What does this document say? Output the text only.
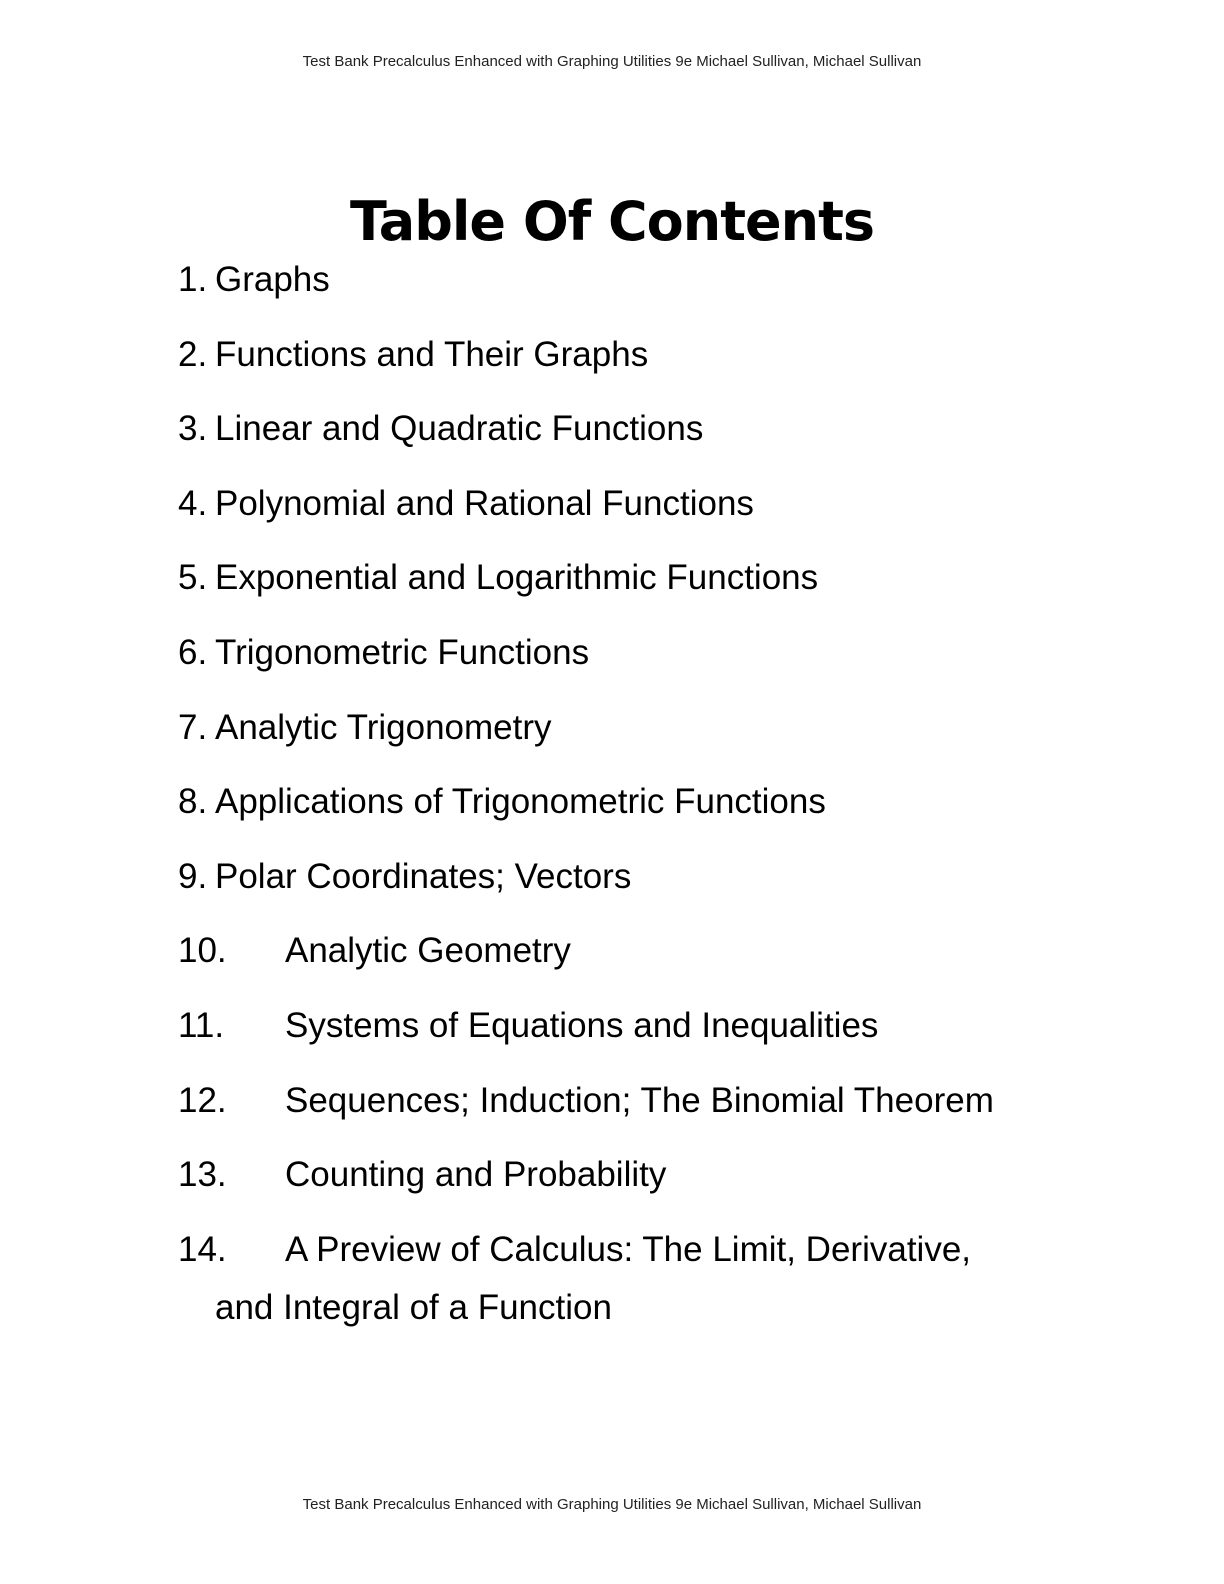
Test Bank Precalculus Enhanced with Graphing Utilities 9e Michael Sullivan, Michael Sullivan
Table Of Contents
1. Graphs
2. Functions and Their Graphs
3. Linear and Quadratic Functions
4. Polynomial and Rational Functions
5. Exponential and Logarithmic Functions
6. Trigonometric Functions
7. Analytic Trigonometry
8. Applications of Trigonometric Functions
9. Polar Coordinates; Vectors
10. Analytic Geometry
11. Systems of Equations and Inequalities
12. Sequences; Induction; The Binomial Theorem
13. Counting and Probability
14. A Preview of Calculus: The Limit, Derivative,
and Integral of a Function
Test Bank Precalculus Enhanced with Graphing Utilities 9e Michael Sullivan, Michael Sullivan
